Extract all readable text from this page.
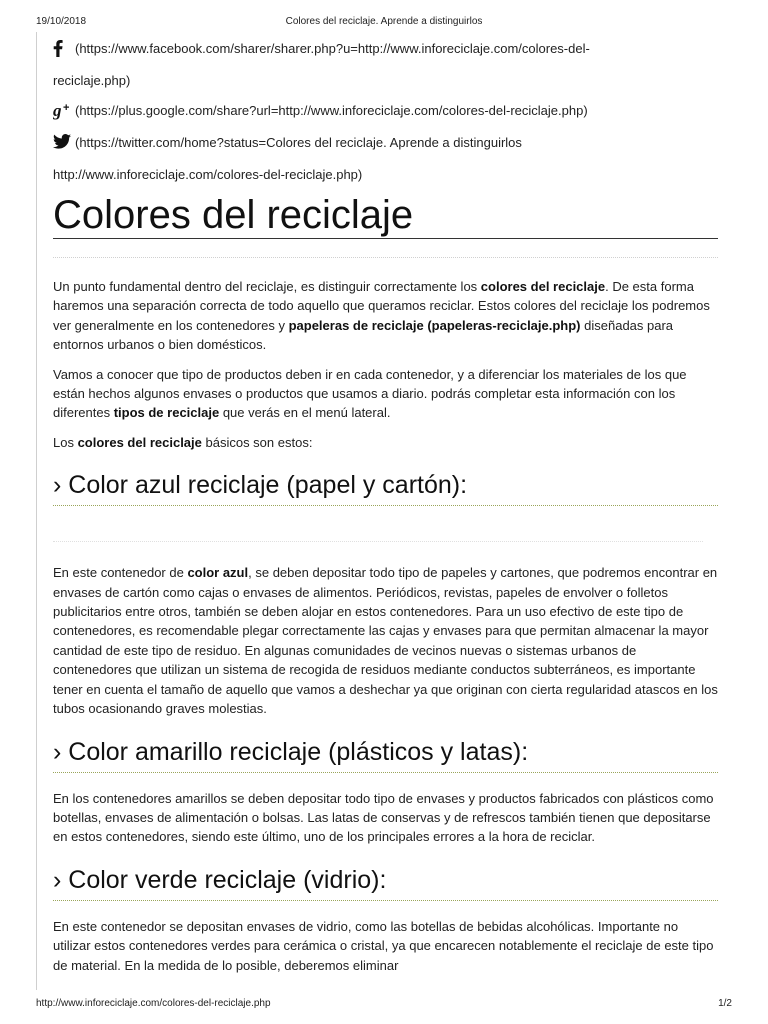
19/10/2018	Colores del reciclaje. Aprende a distinguirlos
(https://www.facebook.com/sharer/sharer.php?u=http://www.inforeciclaje.com/colores-del-
reciclaje.php)
g + (https://plus.google.com/share?url=http://www.inforeciclaje.com/colores-del-reciclaje.php)
(https://twitter.com/home?status=Colores del reciclaje. Aprende a distinguirlos
http://www.inforeciclaje.com/colores-del-reciclaje.php)
Colores del reciclaje

Un punto fundamental dentro del reciclaje, es distinguir correctamente los colores del reciclaje. De esta forma haremos una separación correcta de todo aquello que queramos reciclar. Estos colores del reciclaje los podremos ver generalmente en los contenedores y papeleras de reciclaje (papeleras-reciclaje.php) diseñadas para entornos urbanos o bien domésticos.

Vamos a conocer que tipo de productos deben ir en cada contenedor, y a diferenciar los materiales de los que están hechos algunos envases o productos que usamos a diario. podrás completar esta información con los diferentes tipos de reciclaje que verás en el menú lateral.

Los colores del reciclaje básicos son estos:

› Color azul reciclaje (papel y cartón):

En este contenedor de color azul, se deben depositar todo tipo de papeles y cartones, que podremos encontrar en envases de cartón como cajas o envases de alimentos. Periódicos, revistas, papeles de envolver o folletos publicitarios entre otros, también se deben alojar en estos contenedores. Para un uso efectivo de este tipo de contenedores, es recomendable plegar correctamente las cajas y envases para que permitan almacenar la mayor cantidad de este tipo de residuo. En algunas comunidades de vecinos nuevas o sistemas urbanos de contenedores que utilizan un sistema de recogida de residuos mediante conductos subterráneos, es importante tener en cuenta el tamaño de aquello que vamos a deshechar ya que originan con cierta regularidad atascos en los tubos ocasionando graves molestias.

› Color amarillo reciclaje (plásticos y latas):

En los contenedores amarillos se deben depositar todo tipo de envases y productos fabricados con plásticos como botellas, envases de alimentación o bolsas. Las latas de conservas y de refrescos también tienen que depositarse en estos contenedores, siendo este último, uno de los principales errores a la hora de reciclar.

› Color verde reciclaje (vidrio):

En este contenedor se depositan envases de vidrio, como las botellas de bebidas alcohólicas. Importante no utilizar estos contenedores verdes para cerámica o cristal, ya que encarecen notablemente el reciclaje de este tipo de material. En la medida de lo posible, deberemos eliminar

http://www.inforeciclaje.com/colores-del-reciclaje.php	1/2
